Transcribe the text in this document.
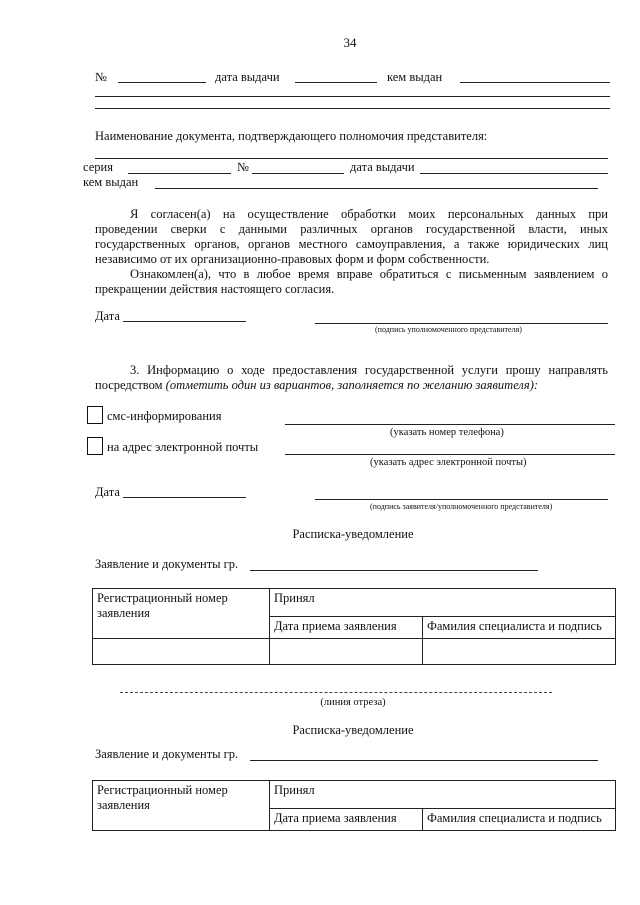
34
№	дата выдачи	кем выдан
Наименование документа, подтверждающего полномочия представителя:
серия	№	дата выдачи
кем выдан
Я согласен(а) на осуществление обработки моих персональных данных при
проведении сверки с данными различных органов государственной власти, иных
государственных органов, органов местного самоуправления, а также юридических лиц
независимо от их организационно-правовых форм и форм собственности.
Ознакомлен(а), что в любое время вправе обратиться с письменным заявлением о
прекращении действия настоящего согласия.
Дата
(подпись уполномоченного представителя)
3. Информацию о ходе предоставления государственной услуги прошу направлять
посредством (отметить один из вариантов, заполняется по желанию заявителя):
смс-информирования
(указать номер телефона)
на адрес электронной почты
(указать адрес электронной почты)
Дата
(подпись заявителя/уполномоченного представителя)
Расписка-уведомление
Заявление и документы гр.
Регистрационный номер заявления	Принял	
	Дата приема заявления	Фамилия специалиста и подпись

(линия отреза)
Расписка-уведомление
Заявление и документы гр.
Регистрационный номер заявления	Принял	
	Дата приема заявления	Фамилия специалиста и подпись
